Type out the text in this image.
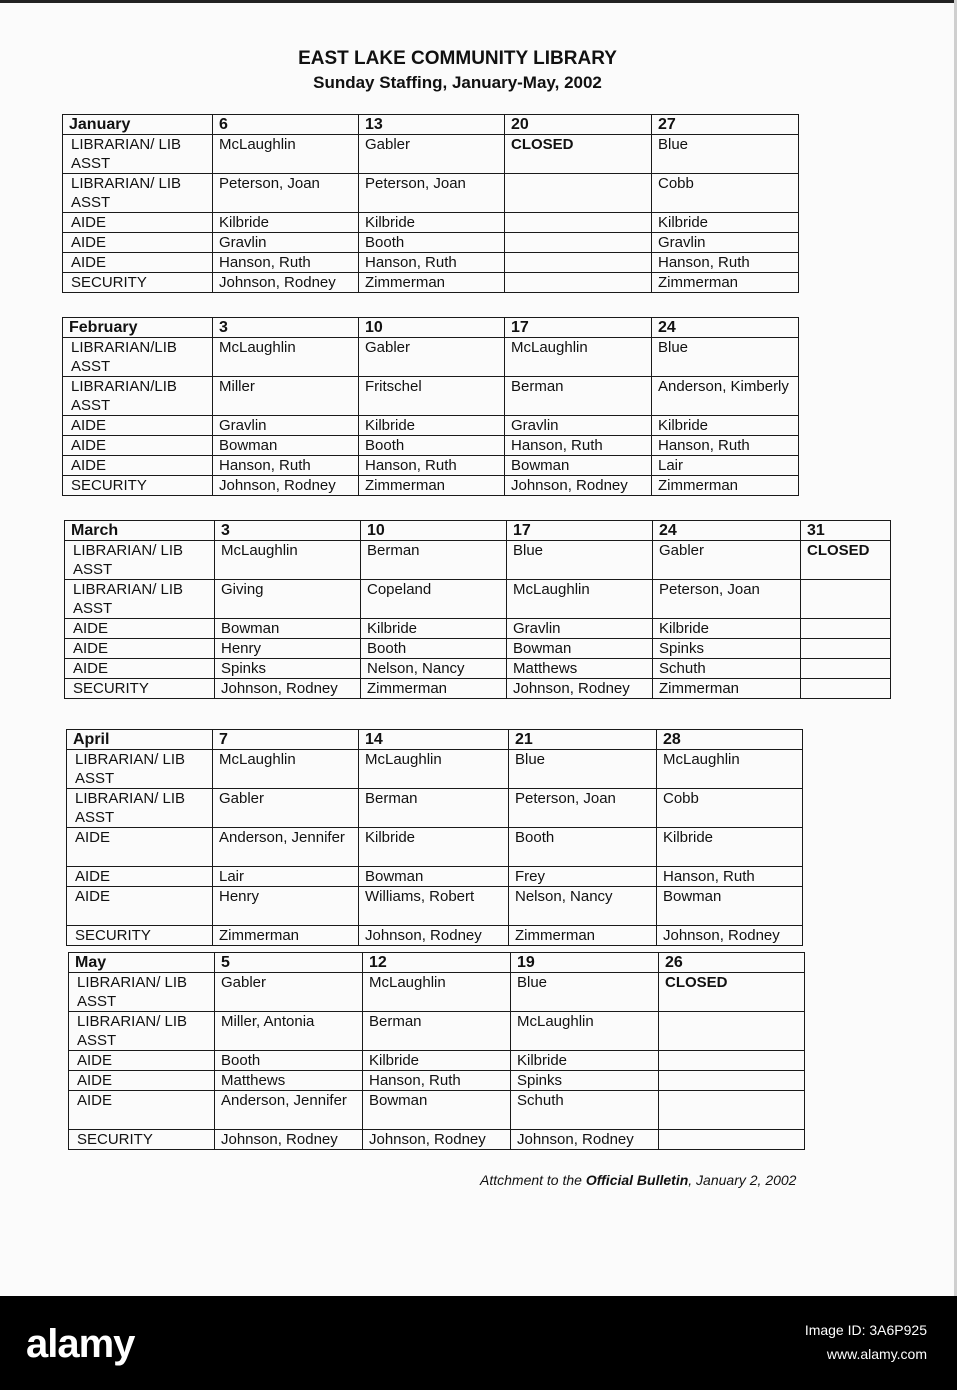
EAST LAKE COMMUNITY LIBRARY
Sunday Staffing, January-May, 2002
January	6	13	20	27
LIBRARIAN/ LIB ASST	McLaughlin	Gabler	CLOSED	Blue
LIBRARIAN/ LIB ASST	Peterson, Joan	Peterson, Joan		Cobb
AIDE	Kilbride	Kilbride		Kilbride
AIDE	Gravlin	Booth		Gravlin
AIDE	Hanson, Ruth	Hanson, Ruth		Hanson, Ruth
SECURITY	Johnson, Rodney	Zimmerman		Zimmerman
February	3	10	17	24
LIBRARIAN/LIB ASST	McLaughlin	Gabler	McLaughlin	Blue
LIBRARIAN/LIB ASST	Miller	Fritschel	Berman	Anderson, Kimberly
AIDE	Gravlin	Kilbride	Gravlin	Kilbride
AIDE	Bowman	Booth	Hanson, Ruth	Hanson, Ruth
AIDE	Hanson, Ruth	Hanson, Ruth	Bowman	Lair
SECURITY	Johnson, Rodney	Zimmerman	Johnson, Rodney	Zimmerman
March	3	10	17	24	31
LIBRARIAN/ LIB ASST	McLaughlin	Berman	Blue	Gabler	CLOSED
LIBRARIAN/ LIB ASST	Giving	Copeland	McLaughlin	Peterson, Joan	
AIDE	Bowman	Kilbride	Gravlin	Kilbride	
AIDE	Henry	Booth	Bowman	Spinks	
AIDE	Spinks	Nelson, Nancy	Matthews	Schuth	
SECURITY	Johnson, Rodney	Zimmerman	Johnson, Rodney	Zimmerman	
April	7	14	21	28
LIBRARIAN/ LIB ASST	McLaughlin	McLaughlin	Blue	McLaughlin
LIBRARIAN/ LIB ASST	Gabler	Berman	Peterson, Joan	Cobb
AIDE	Anderson, Jennifer	Kilbride	Booth	Kilbride
AIDE	Lair	Bowman	Frey	Hanson, Ruth
AIDE	Henry	Williams, Robert	Nelson, Nancy	Bowman
SECURITY	Zimmerman	Johnson, Rodney	Zimmerman	Johnson, Rodney
May	5	12	19	26
LIBRARIAN/ LIB ASST	Gabler	McLaughlin	Blue	CLOSED
LIBRARIAN/ LIB ASST	Miller, Antonia	Berman	McLaughlin	
AIDE	Booth	Kilbride	Kilbride	
AIDE	Matthews	Hanson, Ruth	Spinks	
AIDE	Anderson, Jennifer	Bowman	Schuth	
SECURITY	Johnson, Rodney	Johnson, Rodney	Johnson, Rodney	
Attchment to the Official Bulletin, January 2, 2002
alamy	Image ID: 3A6P925
www.alamy.com
